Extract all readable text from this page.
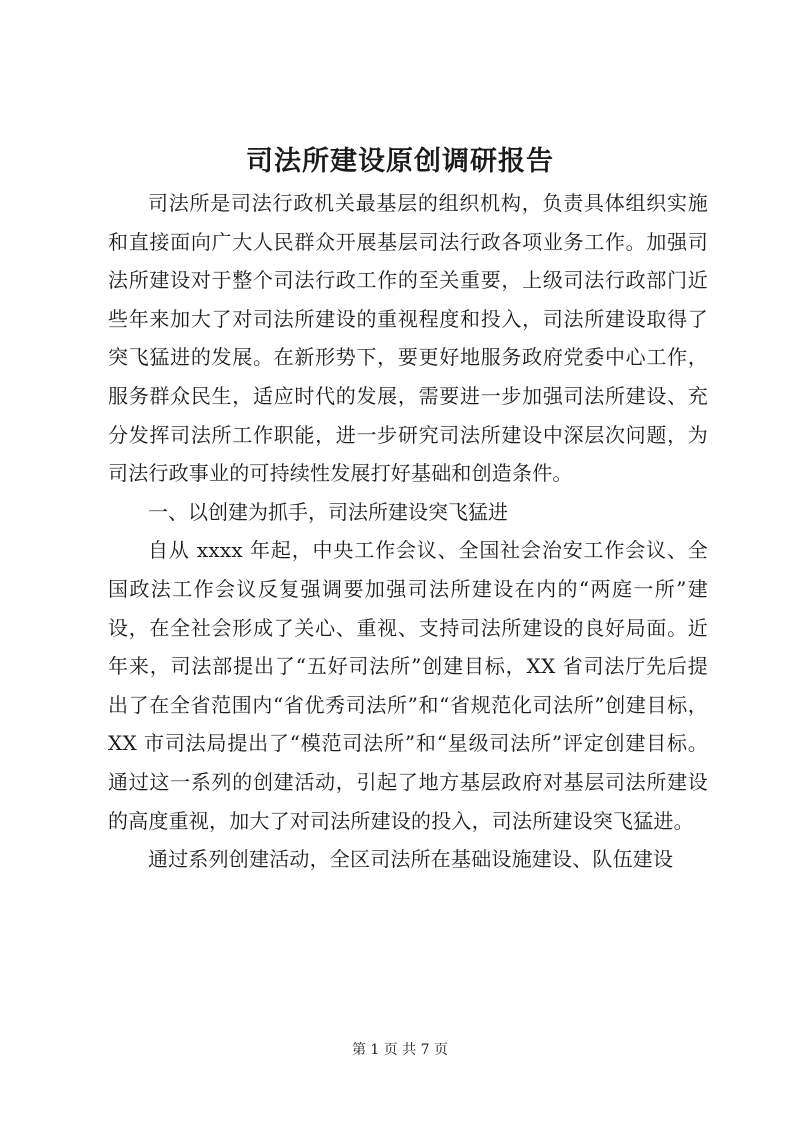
司法所建设原创调研报告

司法所是司法行政机关最基层的组织机构，负责具体组织实施和直接面向广大人民群众开展基层司法行政各项业务工作。加强司法所建设对于整个司法行政工作的至关重要，上级司法行政部门近些年来加大了对司法所建设的重视程度和投入，司法所建设取得了突飞猛进的发展。在新形势下，要更好地服务政府党委中心工作，服务群众民生，适应时代的发展，需要进一步加强司法所建设、充分发挥司法所工作职能，进一步研究司法所建设中深层次问题，为司法行政事业的可持续性发展打好基础和创造条件。

一、以创建为抓手，司法所建设突飞猛进

自从 xxxx 年起，中央工作会议、全国社会治安工作会议、全国政法工作会议反复强调要加强司法所建设在内的“两庭一所”建设，在全社会形成了关心、重视、支持司法所建设的良好局面。近年来，司法部提出了“五好司法所”创建目标，XX 省司法厅先后提出了在全省范围内“省优秀司法所”和“省规范化司法所”创建目标，XX 市司法局提出了“模范司法所”和“星级司法所”评定创建目标。通过这一系列的创建活动，引起了地方基层政府对基层司法所建设的高度重视，加大了对司法所建设的投入，司法所建设突飞猛进。

通过系列创建活动，全区司法所在基础设施建设、队伍建设

第 1 页 共 7 页
